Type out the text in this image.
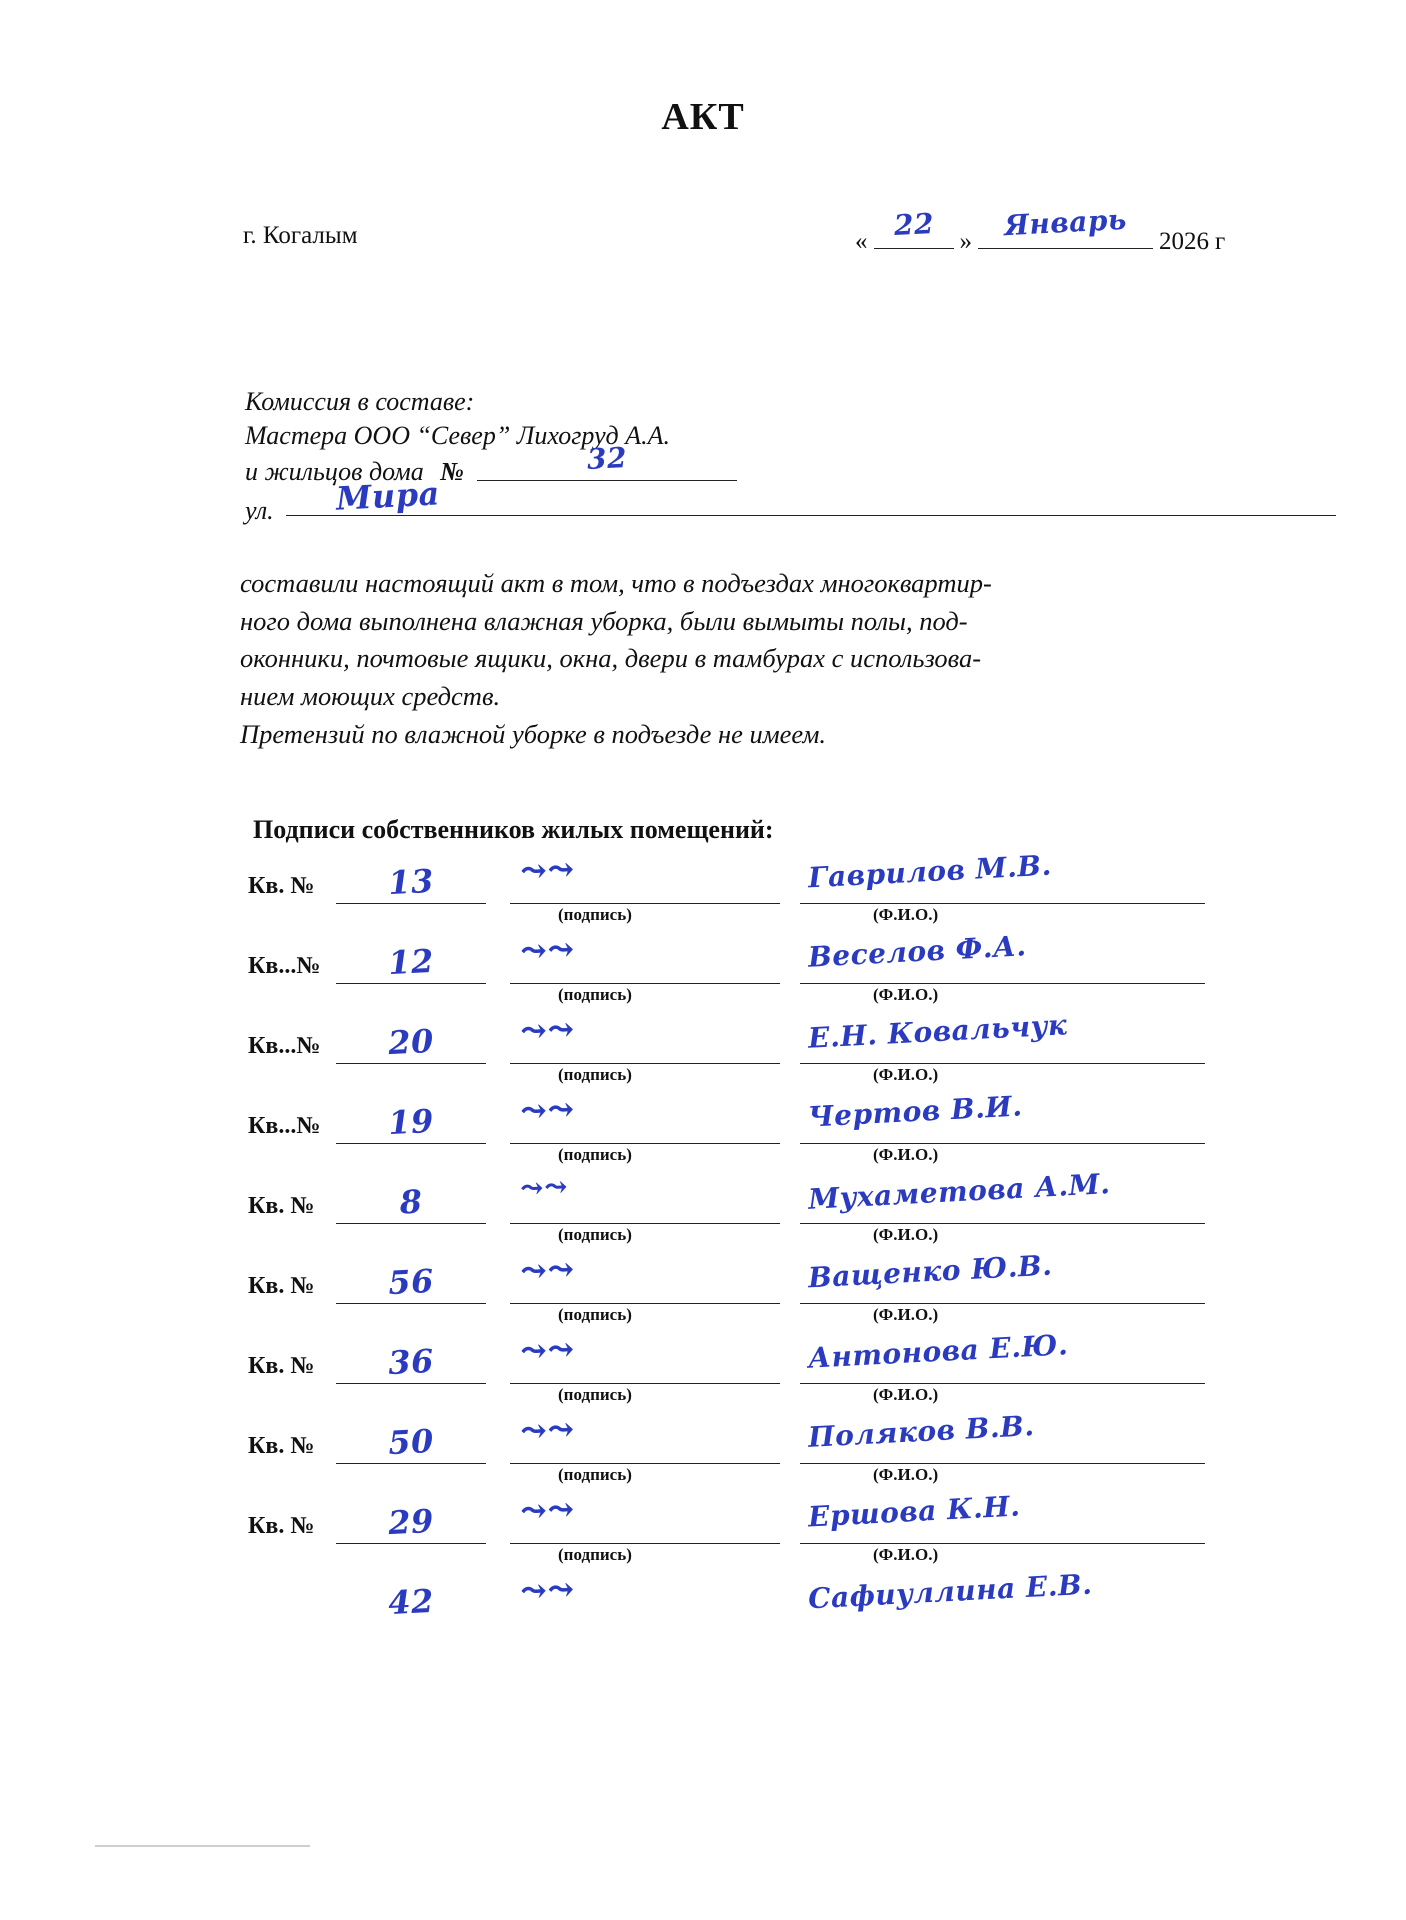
АКТ
г. Когалым	« 22	»	Январь	2026 г
Комиссия в составе:
Мастера ООО “Север” Лихогруд А.А.
и жильцов дома №	32
ул. Мира

составили настоящий акт в том, что в подъездах многоквартир-

ного дома выполнена влажная уборка, были вымыты полы, под-

оконники, почтовые ящики, окна, двери в тамбурах с использова-

нием моющих средств.

Претензий по влажной уборке в подъезде не имеем.

Подписи собственников жилых помещений:
Кв. №	13	⤳⤳	Гаврилов М.В.
(подпись)	(Ф.И.О.)
Кв...№	12	⤳⤳	Веселов Ф.А.
(подпись)	(Ф.И.О.)
Кв...№	20	⤳⤳	Е.Н. Ковальчук
(подпись)	(Ф.И.О.)
Кв...№	19	⤳⤳	Чертов В.И.
(подпись)	(Ф.И.О.)
Кв. №	8	⤳⤳	Мухаметова А.М.
(подпись)	(Ф.И.О.)
Кв. №	56	⤳⤳	Ващенко Ю.В.
(подпись)	(Ф.И.О.)
Кв. №	36	⤳⤳	Антонова Е.Ю.
(подпись)	(Ф.И.О.)
Кв. №	50	⤳⤳	Поляков В.В.
(подпись)	(Ф.И.О.)
Кв. №	29	⤳⤳	Ершова К.Н.
(подпись)	(Ф.И.О.)
42	⤳⤳	Сафиуллина Е.В.
